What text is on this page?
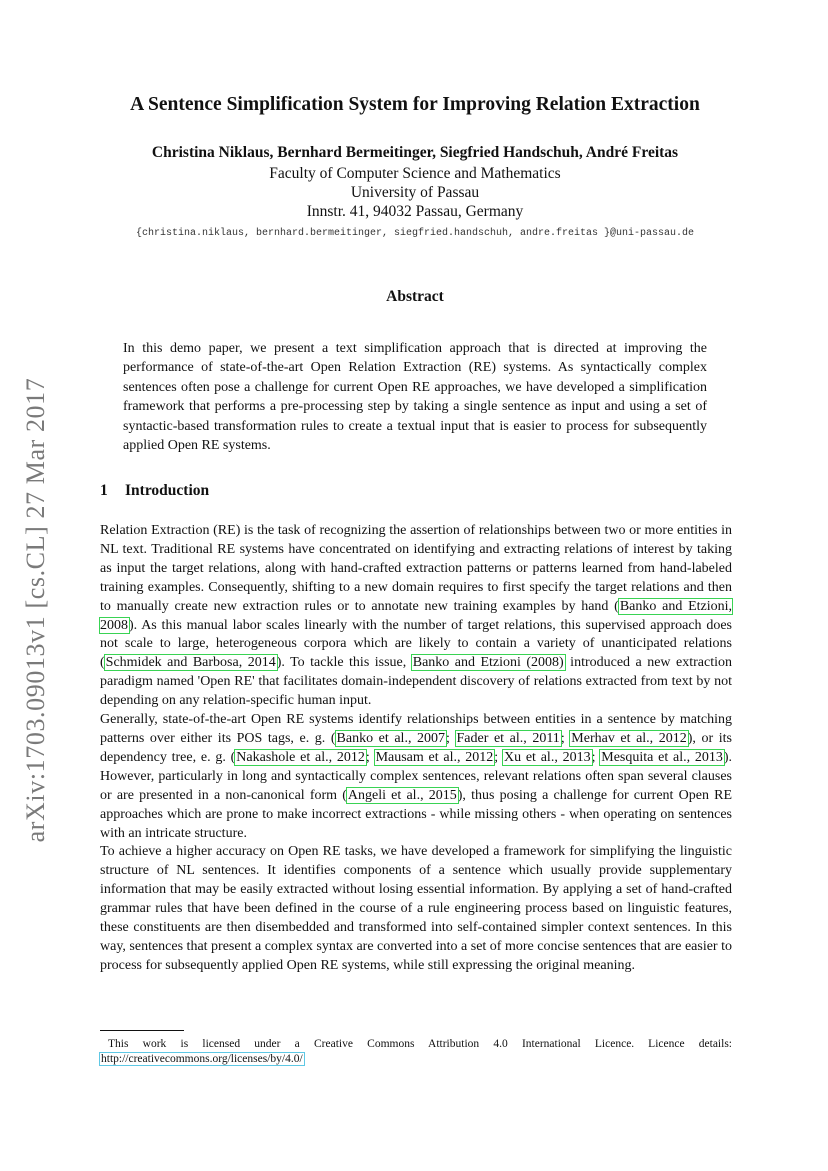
arXiv:1703.09013v1 [cs.CL] 27 Mar 2017
A Sentence Simplification System for Improving Relation Extraction
Christina Niklaus, Bernhard Bermeitinger, Siegfried Handschuh, André Freitas
Faculty of Computer Science and Mathematics
University of Passau
Innstr. 41, 94032 Passau, Germany
{christina.niklaus, bernhard.bermeitinger, siegfried.handschuh, andre.freitas }@uni-passau.de
Abstract

In this demo paper, we present a text simplification approach that is directed at improving the performance of state-of-the-art Open Relation Extraction (RE) systems. As syntactically complex sentences often pose a challenge for current Open RE approaches, we have developed a simplification framework that performs a pre-processing step by taking a single sentence as input and using a set of syntactic-based transformation rules to create a textual input that is easier to process for subsequently applied Open RE systems.

1 Introduction

Relation Extraction (RE) is the task of recognizing the assertion of relationships between two or more entities in NL text. Traditional RE systems have concentrated on identifying and extracting relations of interest by taking as input the target relations, along with hand-crafted extraction patterns or patterns learned from hand-labeled training examples. Consequently, shifting to a new domain requires to first specify the target relations and then to manually create new extraction rules or to annotate new training examples by hand (Banko and Etzioni, 2008). As this manual labor scales linearly with the number of target relations, this supervised approach does not scale to large, heterogeneous corpora which are likely to contain a variety of unanticipated relations (Schmidek and Barbosa, 2014). To tackle this issue, Banko and Etzioni (2008) introduced a new extraction paradigm named 'Open RE' that facilitates domain-independent discovery of relations extracted from text by not depending on any relation-specific human input.

Generally, state-of-the-art Open RE systems identify relationships between entities in a sentence by matching patterns over either its POS tags, e. g. (Banko et al., 2007; Fader et al., 2011; Merhav et al., 2012), or its dependency tree, e. g. (Nakashole et al., 2012; Mausam et al., 2012; Xu et al., 2013; Mesquita et al., 2013). However, particularly in long and syntactically complex sentences, relevant relations often span several clauses or are presented in a non-canonical form (Angeli et al., 2015), thus posing a challenge for current Open RE approaches which are prone to make incorrect extractions - while missing others - when operating on sentences with an intricate structure.

To achieve a higher accuracy on Open RE tasks, we have developed a framework for simplifying the linguistic structure of NL sentences. It identifies components of a sentence which usually provide supplementary information that may be easily extracted without losing essential information. By applying a set of hand-crafted grammar rules that have been defined in the course of a rule engineering process based on linguistic features, these constituents are then disembedded and transformed into self-contained simpler context sentences. In this way, sentences that present a complex syntax are converted into a set of more concise sentences that are easier to process for subsequently applied Open RE systems, while still expressing the original meaning.

This work is licensed under a Creative Commons Attribution 4.0 International Licence. Licence details: http://creativecommons.org/licenses/by/4.0/
